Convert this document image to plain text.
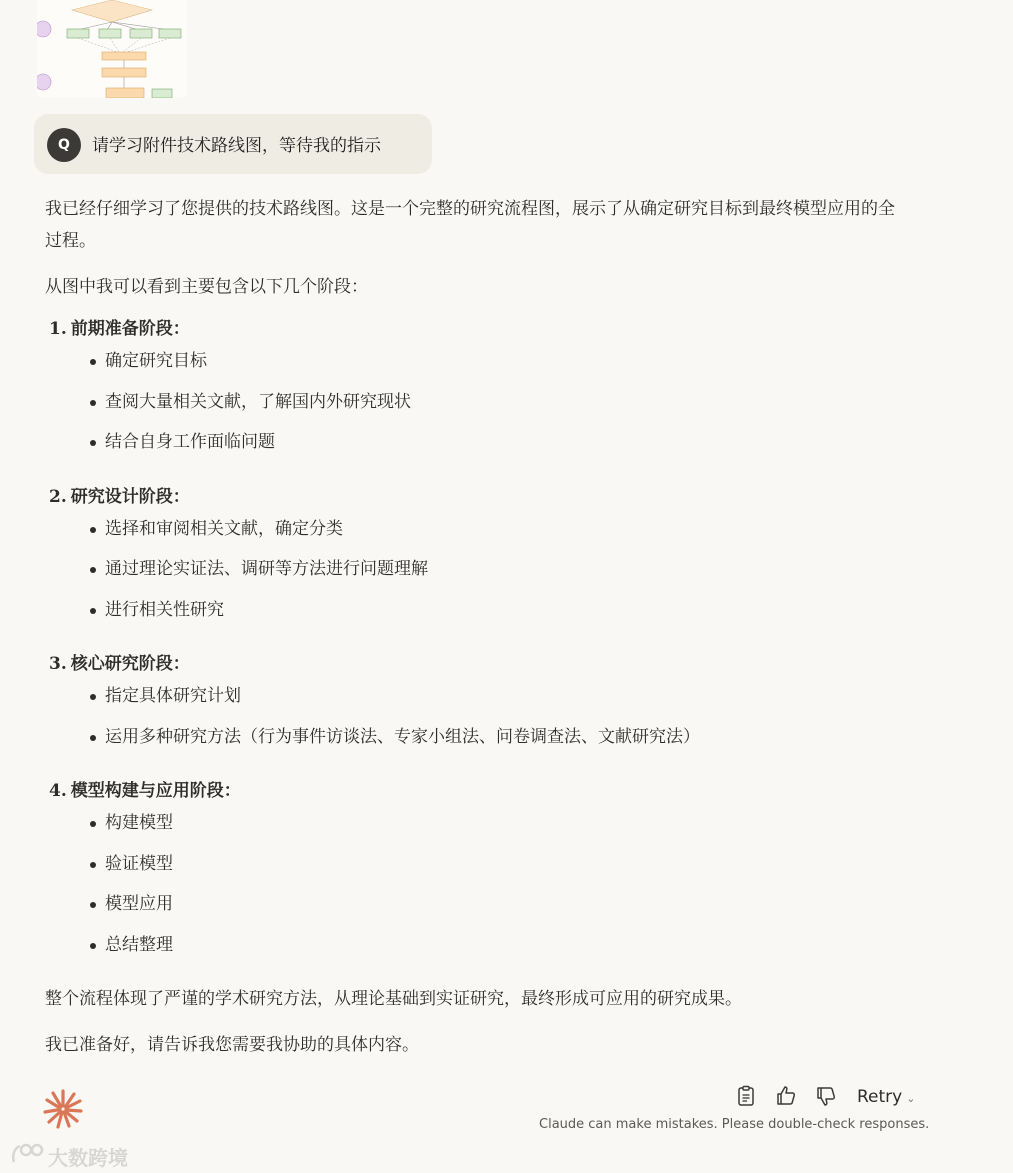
Q	请学习附件技术路线图，等待我的指示

我已经仔细学习了您提供的技术路线图。这是一个完整的研究流程图，展示了从确定研究目标到最终模型应用的全过程。

从图中我可以看到主要包含以下几个阶段：

1. 前期准备阶段：
确定研究目标
查阅大量相关文献，了解国内外研究现状
结合自身工作面临问题
2. 研究设计阶段：
选择和审阅相关文献，确定分类
通过理论实证法、调研等方法进行问题理解
进行相关性研究
3. 核心研究阶段：
指定具体研究计划
运用多种研究方法（行为事件访谈法、专家小组法、问卷调查法、文献研究法）
4. 模型构建与应用阶段：
构建模型
验证模型
模型应用
总结整理

整个流程体现了严谨的学术研究方法，从理论基础到实证研究，最终形成可应用的研究成果。

我已准备好，请告诉我您需要我协助的具体内容。

Retry ⌄
Claude can make mistakes. Please double-check responses.
大数跨境
